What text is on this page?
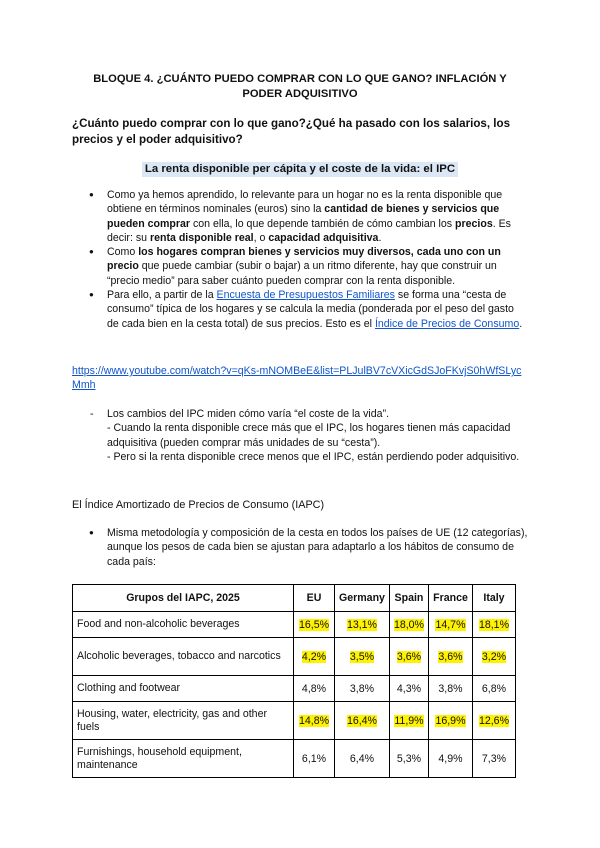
BLOQUE 4. ¿CUÁNTO PUEDO COMPRAR CON LO QUE GANO? INFLACIÓN Y PODER ADQUISITIVO
¿Cuánto puedo comprar con lo que gano?¿Qué ha pasado con los salarios, los precios y el poder adquisitivo?
La renta disponible per cápita y el coste de la vida: el IPC
● Como ya hemos aprendido, lo relevante para un hogar no es la renta disponible que obtiene en términos nominales (euros) sino la cantidad de bienes y servicios que pueden comprar con ella, lo que depende también de cómo cambian los precios. Es decir: su renta disponible real, o capacidad adquisitiva.
● Como los hogares compran bienes y servicios muy diversos, cada uno con un precio que puede cambiar (subir o bajar) a un ritmo diferente, hay que construir un “precio medio” para saber cuánto pueden comprar con la renta disponible.
● Para ello, a partir de la Encuesta de Presupuestos Familiares se forma una “cesta de consumo” típica de los hogares y se calcula la media (ponderada por el peso del gasto de cada bien en la cesta total) de sus precios. Esto es el Índice de Precios de Consumo.
https://www.youtube.com/watch?v=qKs-mNOMBeE&list=PLJulBV7cVXicGdSJoFKvjS0hWfSLycMmh
- Los cambios del IPC miden cómo varía “el coste de la vida”.
- Cuando la renta disponible crece más que el IPC, los hogares tienen más capacidad adquisitiva (pueden comprar más unidades de su “cesta”).
- Pero si la renta disponible crece menos que el IPC, están perdiendo poder adquisitivo.
El Índice Amortizado de Precios de Consumo (IAPC)
● Misma metodología y composición de la cesta en todos los países de UE (12 categorías), aunque los pesos de cada bien se ajustan para adaptarlo a los hábitos de consumo de cada país:
Grupos del IAPC, 2025	EU	Germany	Spain	France	Italy
Food and non-alcoholic beverages	16,5%	13,1%	18,0%	14,7%	18,1%
Alcoholic beverages, tobacco and narcotics	4,2%	3,5%	3,6%	3,6%	3,2%
Clothing and footwear	4,8%	3,8%	4,3%	3,8%	6,8%
Housing, water, electricity, gas and other fuels	14,8%	16,4%	11,9%	16,9%	12,6%
Furnishings, household equipment, maintenance	6,1%	6,4%	5,3%	4,9%	7,3%
